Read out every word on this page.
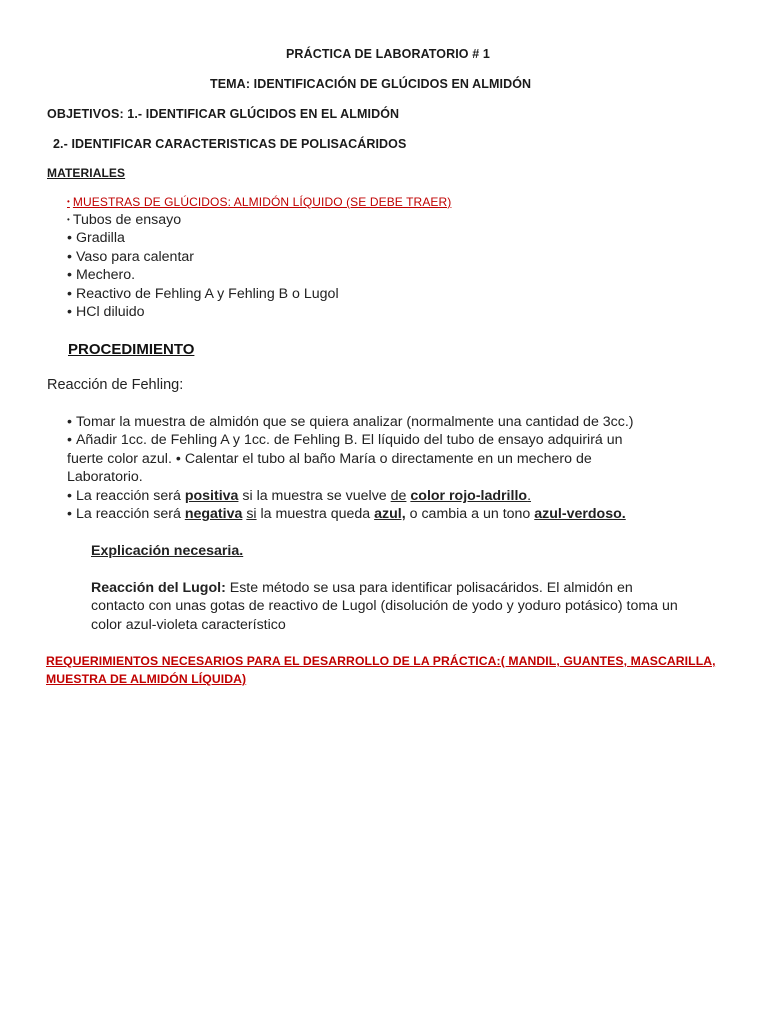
PRÁCTICA DE LABORATORIO # 1
TEMA: IDENTIFICACIÓN DE GLÚCIDOS EN ALMIDÓN
OBJETIVOS: 1.- IDENTIFICAR GLÚCIDOS EN EL ALMIDÓN
2.- IDENTIFICAR CARACTERISTICAS DE POLISACÁRIDOS
MATERIALES
• MUESTRAS DE GLÚCIDOS: ALMIDÓN LÍQUIDO (SE DEBE TRAER)
• Tubos de ensayo
• Gradilla
• Vaso para calentar
• Mechero.
• Reactivo de Fehling A y Fehling B o Lugol
• HCl diluido
PROCEDIMIENTO
Reacción de Fehling:
• Tomar la muestra de almidón que se quiera analizar (normalmente una cantidad de 3cc.)
• Añadir 1cc. de Fehling A y 1cc. de Fehling B. El líquido del tubo de ensayo adquirirá un
fuerte color azul. • Calentar el tubo al baño María o directamente en un mechero de
Laboratorio.
• La reacción será positiva si la muestra se vuelve de color rojo-ladrillo.
• La reacción será negativa si la muestra queda azul, o cambia a un tono azul-verdoso.
Explicación necesaria.
Reacción del Lugol: Este método se usa para identificar polisacáridos. El almidón en
contacto con unas gotas de reactivo de Lugol (disolución de yodo y yoduro potásico) toma un
color azul-violeta característico
REQUERIMIENTOS NECESARIOS PARA EL DESARROLLO DE LA PRÁCTICA:( MANDIL, GUANTES, MASCARILLA,
MUESTRA DE ALMIDÓN LÍQUIDA)
